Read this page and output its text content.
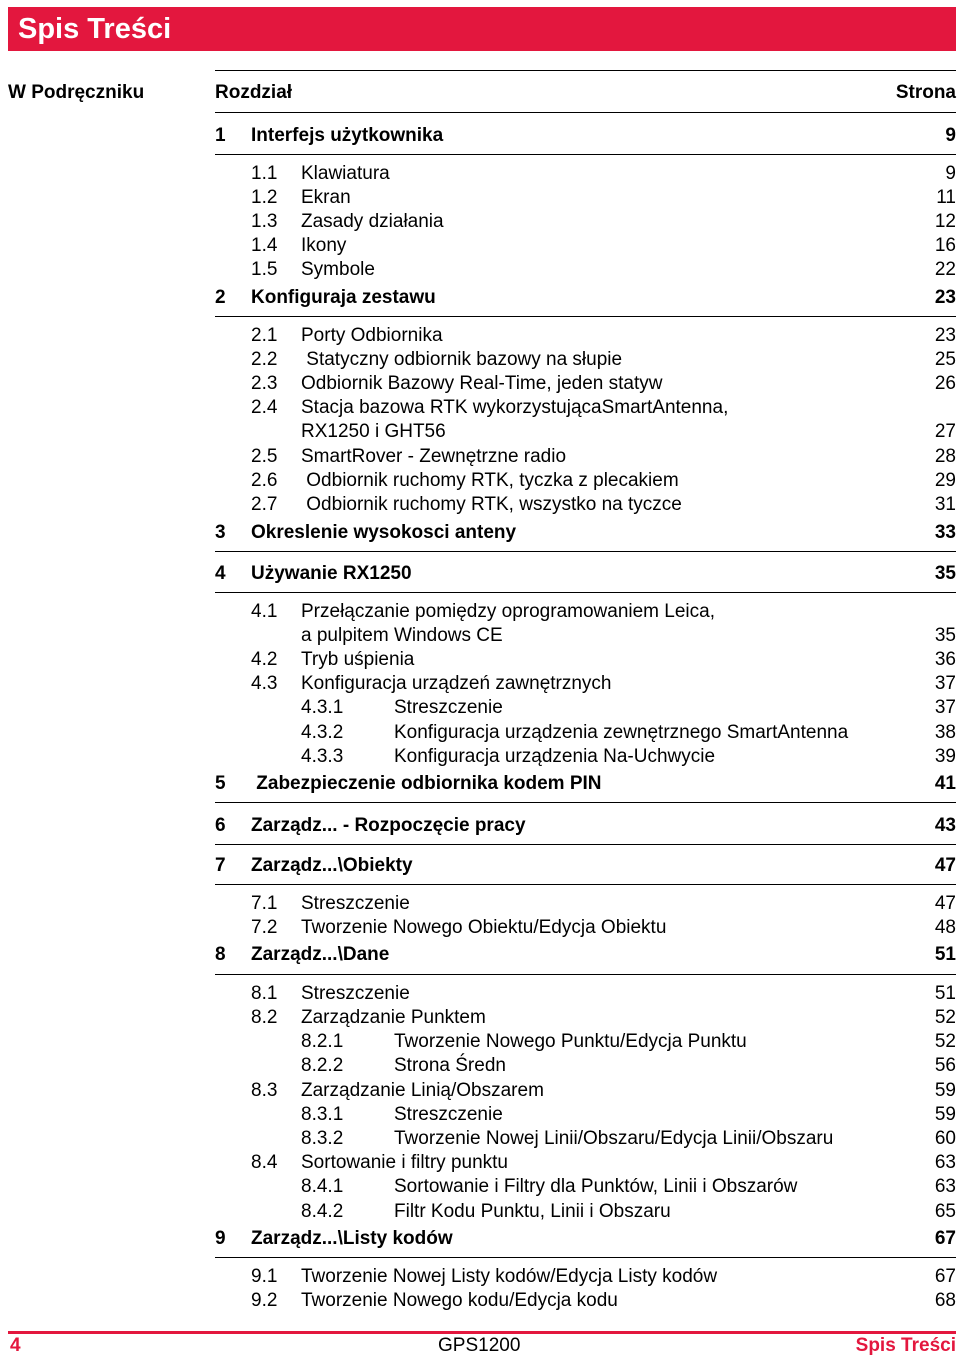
Spis Treści
W Podręczniku	Rozdział	Strona
1 Interfejs użytkownika	9
1.1 Klawiatura	9
1.2 Ekran	11
1.3 Zasady działania	12
1.4 Ikony	16
1.5 Symbole	22
2 Konfiguraja zestawu	23
2.1 Porty Odbiornika	23
2.2 Statyczny odbiornik bazowy na słupie	25
2.3 Odbiornik Bazowy Real-Time, jeden statyw	26
2.4 Stacja bazowa RTK wykorzystującaSmartAntenna,
RX1250 i GHT56	27
2.5 SmartRover - Zewnętrzne radio	28
2.6 Odbiornik ruchomy RTK, tyczka z plecakiem	29
2.7 Odbiornik ruchomy RTK, wszystko na tyczce	31
3 Okreslenie wysokosci anteny	33
4 Używanie RX1250	35
4.1 Przełączanie pomiędzy oprogramowaniem Leica,
a pulpitem Windows CE	35
4.2 Tryb uśpienia	36
4.3 Konfiguracja urządzeń zawnętrznych	37
4.3.1	Streszczenie	37
4.3.2	Konfiguracja urządzenia zewnętrznego SmartAntenna	38
4.3.3	Konfiguracja urządzenia Na-Uchwycie	39
5 Zabezpieczenie odbiornika kodem PIN	41
6 Zarządz... - Rozpoczęcie pracy	43
7 Zarządz...\Obiekty	47
7.1 Streszczenie	47
7.2 Tworzenie Nowego Obiektu/Edycja Obiektu	48
8 Zarządz...\Dane	51
8.1 Streszczenie	51
8.2 Zarządzanie Punktem	52
8.2.1	Tworzenie Nowego Punktu/Edycja Punktu	52
8.2.2	Strona Średn	56
8.3 Zarządzanie Linią/Obszarem	59
8.3.1	Streszczenie	59
8.3.2	Tworzenie Nowej Linii/Obszaru/Edycja Linii/Obszaru	60
8.4 Sortowanie i filtry punktu	63
8.4.1	Sortowanie i Filtry dla Punktów, Linii i Obszarów	63
8.4.2	Filtr Kodu Punktu, Linii i Obszaru	65
9 Zarządz...\Listy kodów	67
9.1 Tworzenie Nowej Listy kodów/Edycja Listy kodów	67
9.2 Tworzenie Nowego kodu/Edycja kodu	68
4	GPS1200	Spis Treści
